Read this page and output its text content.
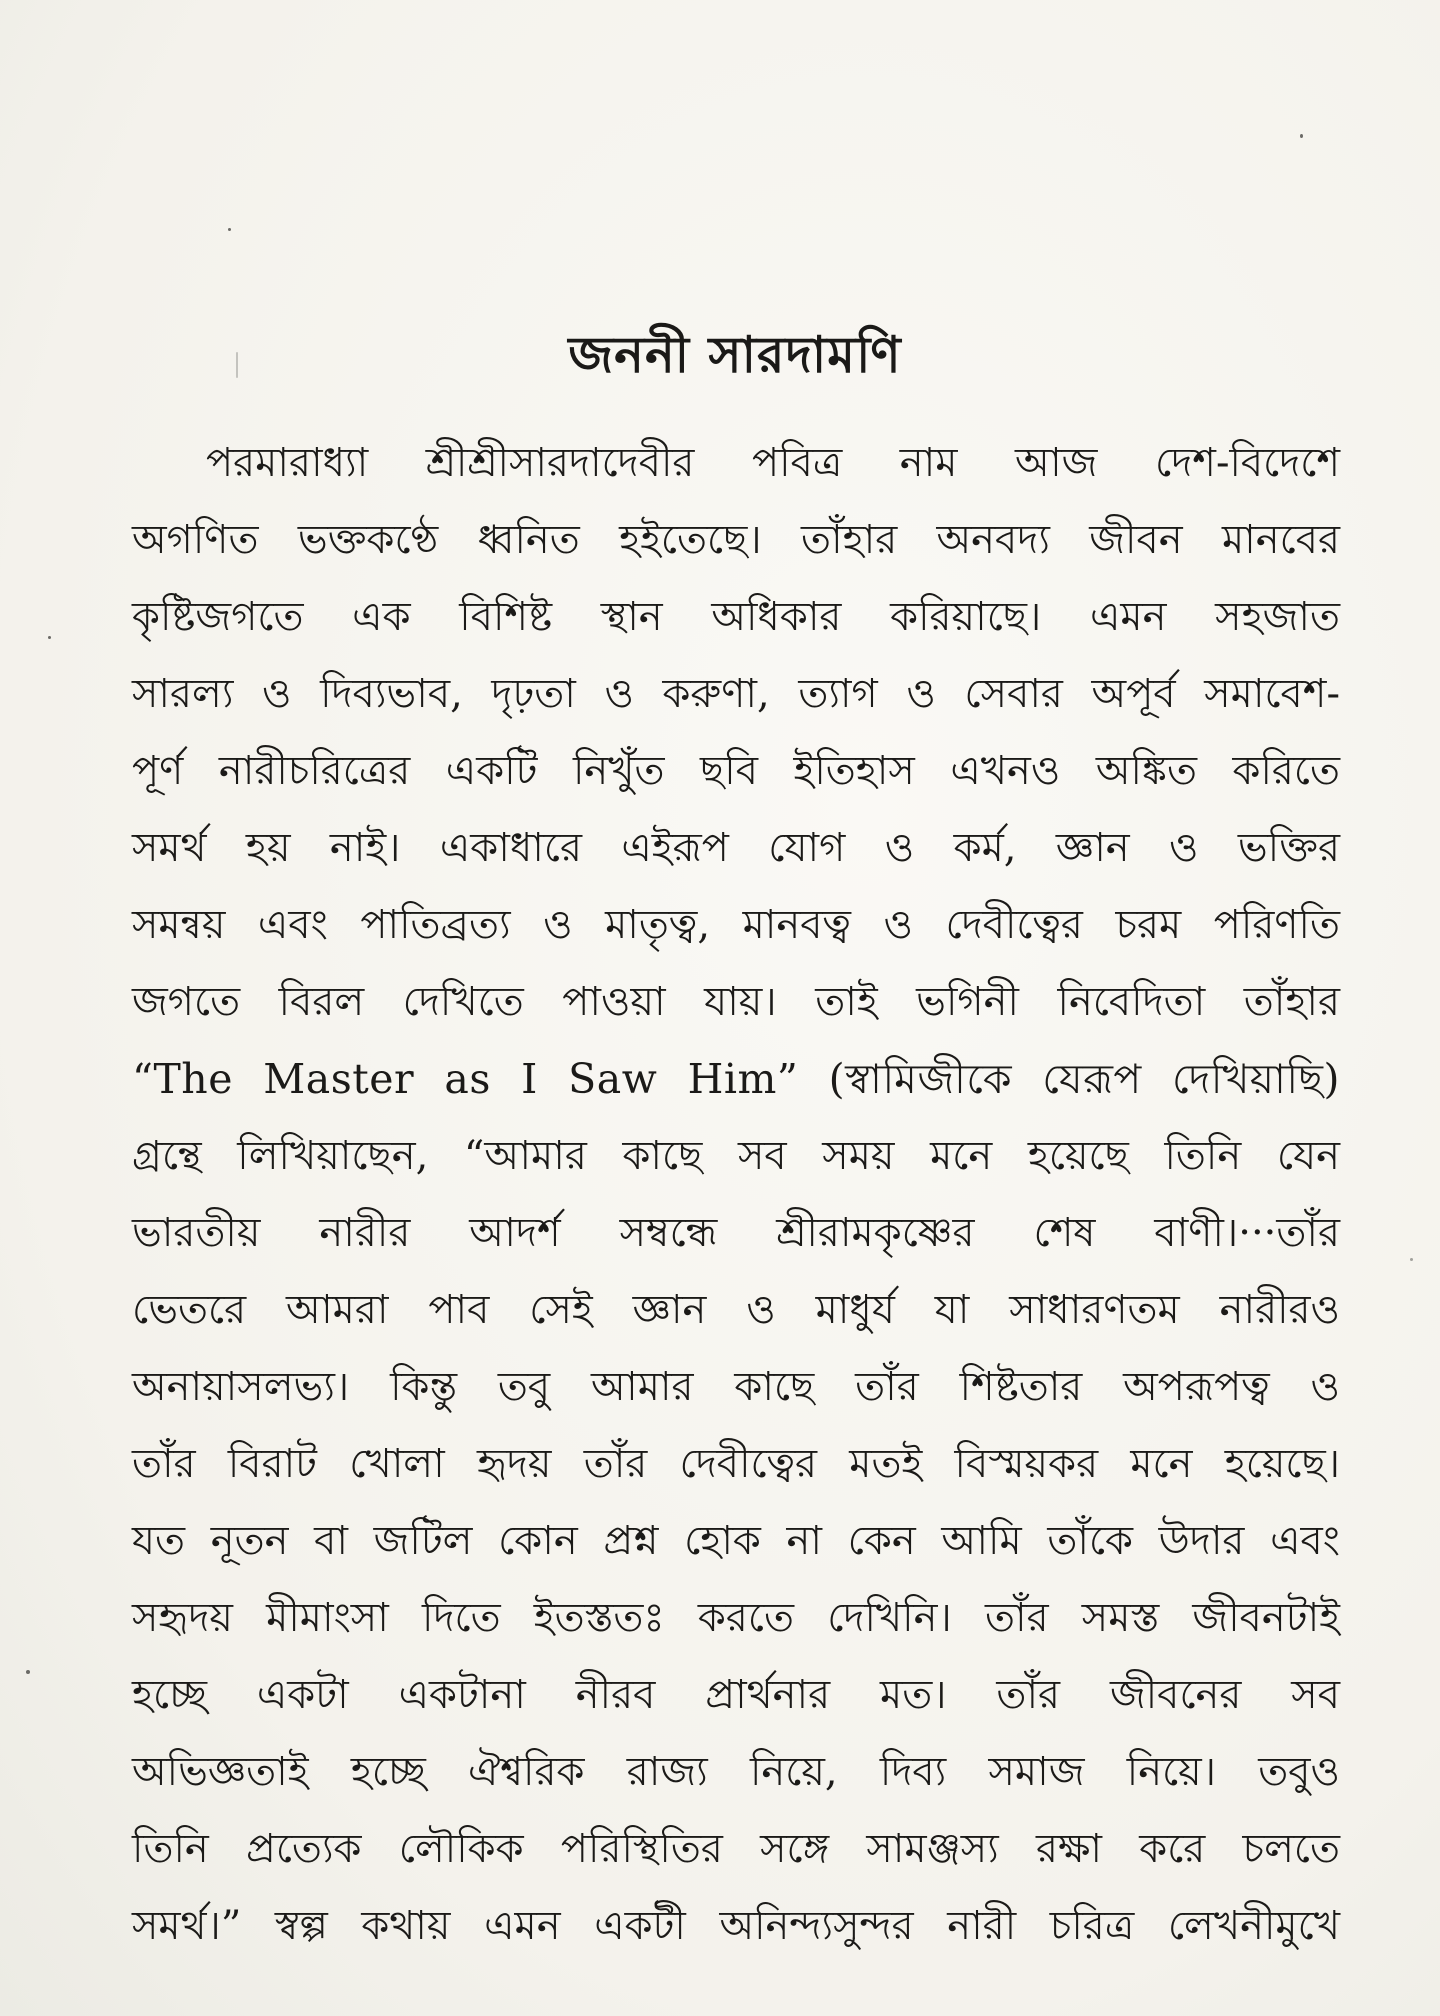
জননী সারদামণি
পরমারাধ্যা শ্রীশ্রীসারদাদেবীর পবিত্র নাম আজ দেশ-বিদেশে
অগণিত ভক্তকণ্ঠে ধ্বনিত হইতেছে। তাঁহার অনবদ্য জীবন মানবের
কৃষ্টিজগতে এক বিশিষ্ট স্থান অধিকার করিয়াছে। এমন সহজাত
সারল্য ও দিব্যভাব, দৃঢ়তা ও করুণা, ত্যাগ ও সেবার অপূর্ব সমাবেশ-
পূর্ণ নারীচরিত্রের একটি নিখুঁত ছবি ইতিহাস এখনও অঙ্কিত করিতে
সমর্থ হয় নাই। একাধারে এইরূপ যোগ ও কর্ম, জ্ঞান ও ভক্তির
সমন্বয় এবং পাতিব্রত্য ও মাতৃত্ব, মানবত্ব ও দেবীত্বের চরম পরিণতি
জগতে বিরল দেখিতে পাওয়া যায়। তাই ভগিনী নিবেদিতা তাঁহার
“The Master as I Saw Him” (স্বামিজীকে যেরূপ দেখিয়াছি)
গ্রন্থে লিখিয়াছেন, “আমার কাছে সব সময় মনে হয়েছে তিনি যেন
ভারতীয় নারীর আদর্শ সম্বন্ধে শ্রীরামকৃষ্ণের শেষ বাণী।···তাঁর
ভেতরে আমরা পাব সেই জ্ঞান ও মাধুর্য যা সাধারণতম নারীরও
অনায়াসলভ্য। কিন্তু তবু আমার কাছে তাঁর শিষ্টতার অপরূপত্ব ও
তাঁর বিরাট খোলা হৃদয় তাঁর দেবীত্বের মতই বিস্ময়কর মনে হয়েছে।
যত নূতন বা জটিল কোন প্রশ্ন হোক না কেন আমি তাঁকে উদার এবং
সহৃদয় মীমাংসা দিতে ইতস্ততঃ করতে দেখিনি। তাঁর সমস্ত জীবনটাই
হচ্ছে একটা একটানা নীরব প্রার্থনার মত। তাঁর জীবনের সব
অভিজ্ঞতাই হচ্ছে ঐশ্বরিক রাজ্য নিয়ে, দিব্য সমাজ নিয়ে। তবুও
তিনি প্রত্যেক লৌকিক পরিস্থিতির সঙ্গে সামঞ্জস্য রক্ষা করে চলতে
সমর্থ।” স্বল্প কথায় এমন একটী অনিন্দ্যসুন্দর নারী চরিত্র লেখনীমুখে
